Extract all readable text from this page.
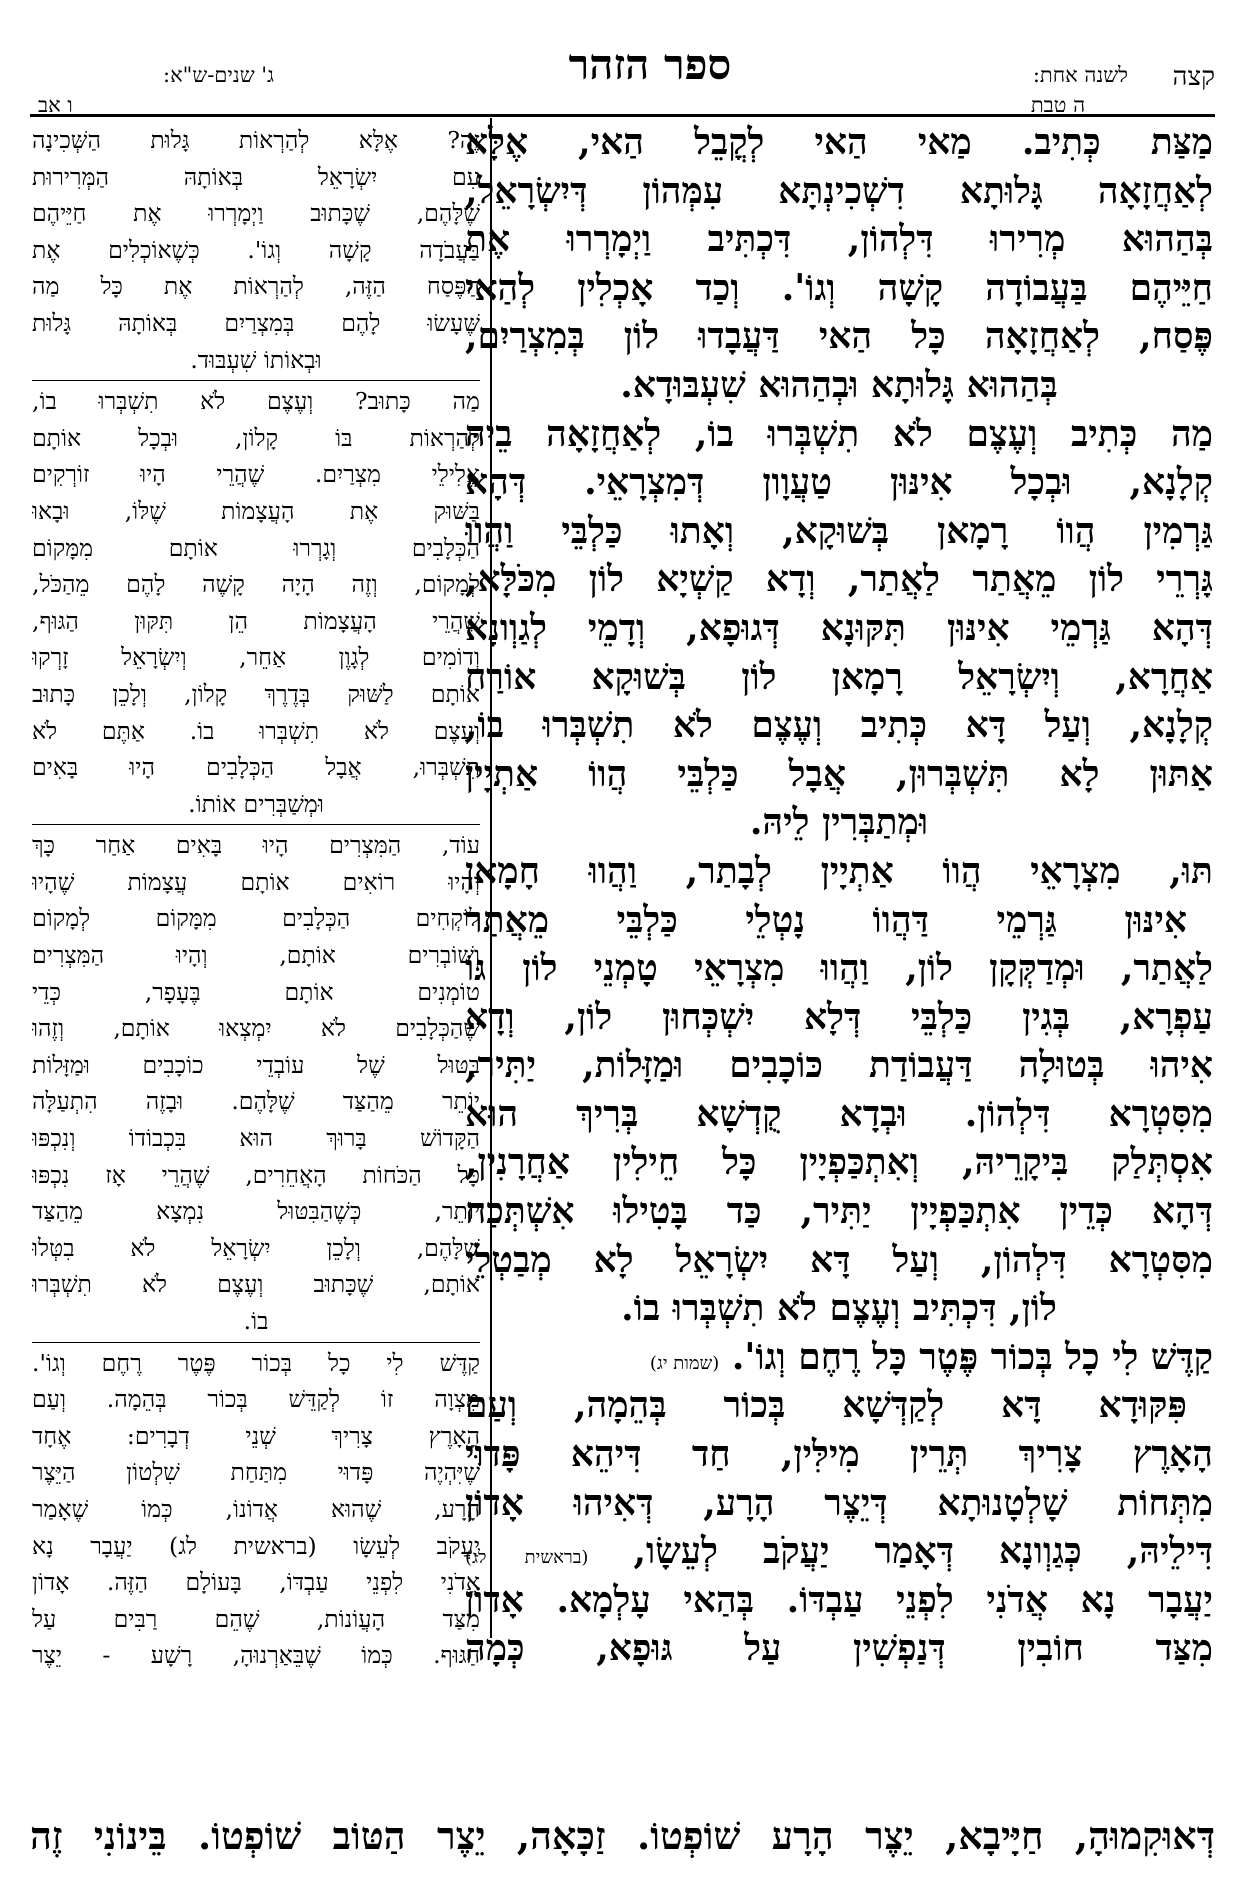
קצה
לשנה אחת:
ה טבת
ספר הזהר
ג' שנים-ש"א:
ו אב
מַצַּת כְּתִיב. מַאי הַאי לְקֳבֵל הַאי, אֶלָּא
לְאַחֲזָאָה גָּלוּתָא דִשְׁכִינְתָּא עִמְּהוֹן דְּיִשְׂרָאֵל,
בְּהַהוּא מְרִירוּ דִּלְהוֹן, דִּכְתִּיב וַיְמָרְרוּ אֶת
חַיֵּיהֶם בַּעֲבוֹדָה קָשָׁה וְגוֹ'. וְכַד אָכְלִין לְהַאי
פֶּסַח, לְאַחֲזָאָה כָּל הַאי דַּעֲבָדוּ לוֹן בְּמִצְרַיִם,
בְּהַהוּא גָּלוּתָא וּבְהַהוּא שִׁעְבּוּדָא.
מַה כְּתִיב וְעֶצֶם לֹא תִשְׁבְּרוּ בוֹ, לְאַחֲזָאָה בֵיהּ
קְלָנָא, וּבְכָל אִינּוּן טַעֲוָון דְּמִצְרָאֵי. דְּהָא
גַּרְמִין הֲווֹ רָמָאן בְּשׁוּקָא, וְאָתוּ כַּלְבֵּי וַהֲווּ
גָּרְרֵי לוֹן מֵאֲתַר לַאֲתַר, וְדָא קַשְׁיָא לוֹן מִכֹּלָּא,
דְּהָא גַּרְמֵי אִינּוּן תִּקּוּנָא דְּגוּפָא, וְדָמֵי לְגַוְונָא
אַחֲרָא, וְיִשְׂרָאֵל רָמָאן לוֹן בְּשׁוּקָא אוֹרַח
קְלָנָא, וְעַל דָּא כְּתִיב וְעֶצֶם לֹא תִשְׁבְּרוּ בוֹ,
אַתּוּן לָא תִּשְׁבְּרוּן, אֲבָל כַּלְבֵּי הֲווֹ אַתְיָין
וּמְתַבְּרִין לֵיהּ.
תּוּ, מִצְרָאֵי הֲווֹ אַתְיָין לְבָתַר, וַהֲווּ חָמָאן
אִינּוּן גַּרְמֵי דַּהֲווֹ נָטְלֵי כַּלְבֵּי מֵאֲתַר
לַאֲתַר, וּמְדַקְּקָן לוֹן, וַהֲווּ מִצְרָאֵי טָמְנֵי לוֹן גּוֹ
עַפְרָא, בְּגִין כַּלְבֵּי דְּלָא יִשְׁכְּחוּן לוֹן, וְדָא
אִיהוּ בְּטוּלָה דַּעֲבוֹדַת כּוֹכָבִים וּמַזָּלוֹת, יַתִּיר,
מִסִּטְרָא דִּלְהוֹן. וּבְדָא קֻדְשָׁא בְּרִיךְ הוּא
אִסְתְּלַק בִּיקָרֵיהּ, וְאִתְכַּפְיָין כָּל חֵילִין אַחֲרָנִין,
דְּהָא כְּדֵין אִתְכַּפְיָין יַתִּיר, כַּד בָּטִילוּ אִשְׁתְּכַח
מִסִּטְרָא דִּלְהוֹן, וְעַל דָּא יִשְׂרָאֵל לָא מְבַטְלֵי
לוֹן, דִּכְתִּיב וְעֶצֶם לֹא תִשְׁבְּרוּ בוֹ.
קַדֶּשׁ לִי כָל בְּכוֹר פֶּטֶר כָּל רֶחֶם וְגוֹ'. (שמות יג)
פִּקּוּדָא דָּא לְקַדְּשָׁא בְּכוֹר בְּהֵמָה, וְעַם
הָאָרֶץ צָרִיךְ תְּרֵין מִילִּין, חַד דִּיהֵא פָּדוּי
מִתְּחוֹת שָׁלְטָנוּתָא דְּיֵצֶר הָרָע, דְּאִיהוּ אָדוֹן
דִּילֵיהּ, כְּגַוְונָא דְּאָמַר יַעֲקֹב לְעֵשָׂו, (בראשית לג)
יַעֲבָר נָא אֲדֹנִי לִפְנֵי עַבְדּוֹ. בְּהַאי עָלְמָא. אָדוֹן
מִצַּד חוֹבִין דְּנַפְשִׁין עַל גּוּפָא, כְּמָה
זֶה? אֶלָּא לְהַרְאוֹת גָּלוּת הַשְּׁכִינָה
עִם יִשְׂרָאֵל בְּאוֹתָהּ הַמְּרִירוּת
שֶׁלָּהֶם, שֶׁכָּתוּב וַיְמָרְרוּ אֶת חַיֵּיהֶם
בַּעֲבֹדָה קָשָׁה וְגוֹ'. כְּשֶׁאוֹכְלִים אֶת
הַפֶּסַח הַזֶּה, לְהַרְאוֹת אֶת כָּל מַה
שֶּׁעָשׂוּ לָהֶם בְּמִצְרַיִם בְּאוֹתָהּ גָּלוּת
וּבְאוֹתוֹ שִׁעְבּוּד.
מַה כָּתוּב? וְעֶצֶם לֹא תִשְׁבְּרוּ בוֹ,
לְהַרְאוֹת בּוֹ קָלוֹן, וּבְכָל אוֹתָם
אֱלִילֵי מִצְרַיִם. שֶׁהֲרֵי הָיוּ זוֹרְקִים
בַּשּׁוּק אֶת הָעֲצָמוֹת שֶׁלּוֹ, וּבָאוּ
הַכְּלָבִים וְגָרְרוּ אוֹתָם מִמָּקוֹם
לְמָקוֹם, וְזֶה הָיָה קָשֶׁה לָהֶם מֵהַכֹּל,
שֶׁהֲרֵי הָעֲצָמוֹת הֵן תִּקּוּן הַגּוּף,
וְדוֹמִים לְגָוֶן אַחֵר, וְיִשְׂרָאֵל זָרְקוּ
אוֹתָם לַשּׁוּק בְּדֶרֶךְ קָלוֹן, וְלָכֵן כָּתוּב
וְעֶצֶם לֹא תִשְׁבְּרוּ בוֹ. אַתֶּם לֹא
תִשְׁבְּרוּ, אֲבָל הַכְּלָבִים הָיוּ בָּאִים
וּמְשַׁבְּרִים אוֹתוֹ.
עוֹד, הַמִּצְרִים הָיוּ בָּאִים אַחַר כָּךְ
וְהָיוּ רוֹאִים אוֹתָם עֲצָמוֹת שֶׁהָיוּ
לוֹקְחִים הַכְּלָבִים מִמָּקוֹם לְמָקוֹם
וְשׁוֹבְרִים אוֹתָם, וְהָיוּ הַמִּצְרִים
טוֹמְנִים אוֹתָם בֶּעָפָר, כְּדֵי
שֶׁהַכְּלָבִים לֹא יִמְצְאוּ אוֹתָם, וְזֶהוּ
בִּטּוּל שֶׁל עוֹבְדֵי כוֹכָבִים וּמַזָּלוֹת
יוֹתֵר מֵהַצַּד שֶׁלָּהֶם. וּבָזֶה הִתְעַלָּה
הַקָּדוֹשׁ בָּרוּךְ הוּא בִּכְבוֹדוֹ וְנִכְפּוּ
כָּל הַכֹּחוֹת הָאֲחֵרִים, שֶׁהֲרֵי אָז נִכְפּוּ
יוֹתֵר, כְּשֶׁהַבִּטּוּל נִמְצָא מֵהַצַּד
שֶׁלָּהֶם, וְלָכֵן יִשְׂרָאֵל לֹא בִטְּלוּ
אוֹתָם, שֶׁכָּתוּב וְעֶצֶם לֹא תִשְׁבְּרוּ
בוֹ.
קַדֶּשׁ לִי כָל בְּכוֹר פֶּטֶר רֶחֶם וְגוֹ'.
מִצְוָה זוֹ לְקַדֵּשׁ בְּכוֹר בְּהֵמָה. וְעַם
הָאָרֶץ צָרִיךְ שְׁנֵי דְבָרִים: אֶחָד
שֶׁיִּהְיֶה פָּדוּי מִתַּחַת שִׁלְטוֹן הַיֵּצֶר
הָרָע, שֶׁהוּא אֲדוֹנוֹ, כְּמוֹ שֶׁאָמַר
יַעֲקֹב לְעֵשָׂו (בראשית לג) יַעֲבָר נָא
אֲדֹנִי לִפְנֵי עַבְדּוֹ, בָּעוֹלָם הַזֶּה. אָדוֹן
מִצַּד הָעֲוֹנוֹת, שֶׁהֵם רַבִּים עַל
הַגּוּף. כְּמוֹ שֶׁבֵּאַרְנוּהָ, רָשָׁע - יֵצֶר
דְּאוּקִמוּהָ, חַיָּיבָא, יֵצֶר הָרָע שׁוֹפְטוֹ. זַכָּאָה, יֵצֶר הַטּוֹב שׁוֹפְטוֹ. בֵּינוֹנִי זֶה
